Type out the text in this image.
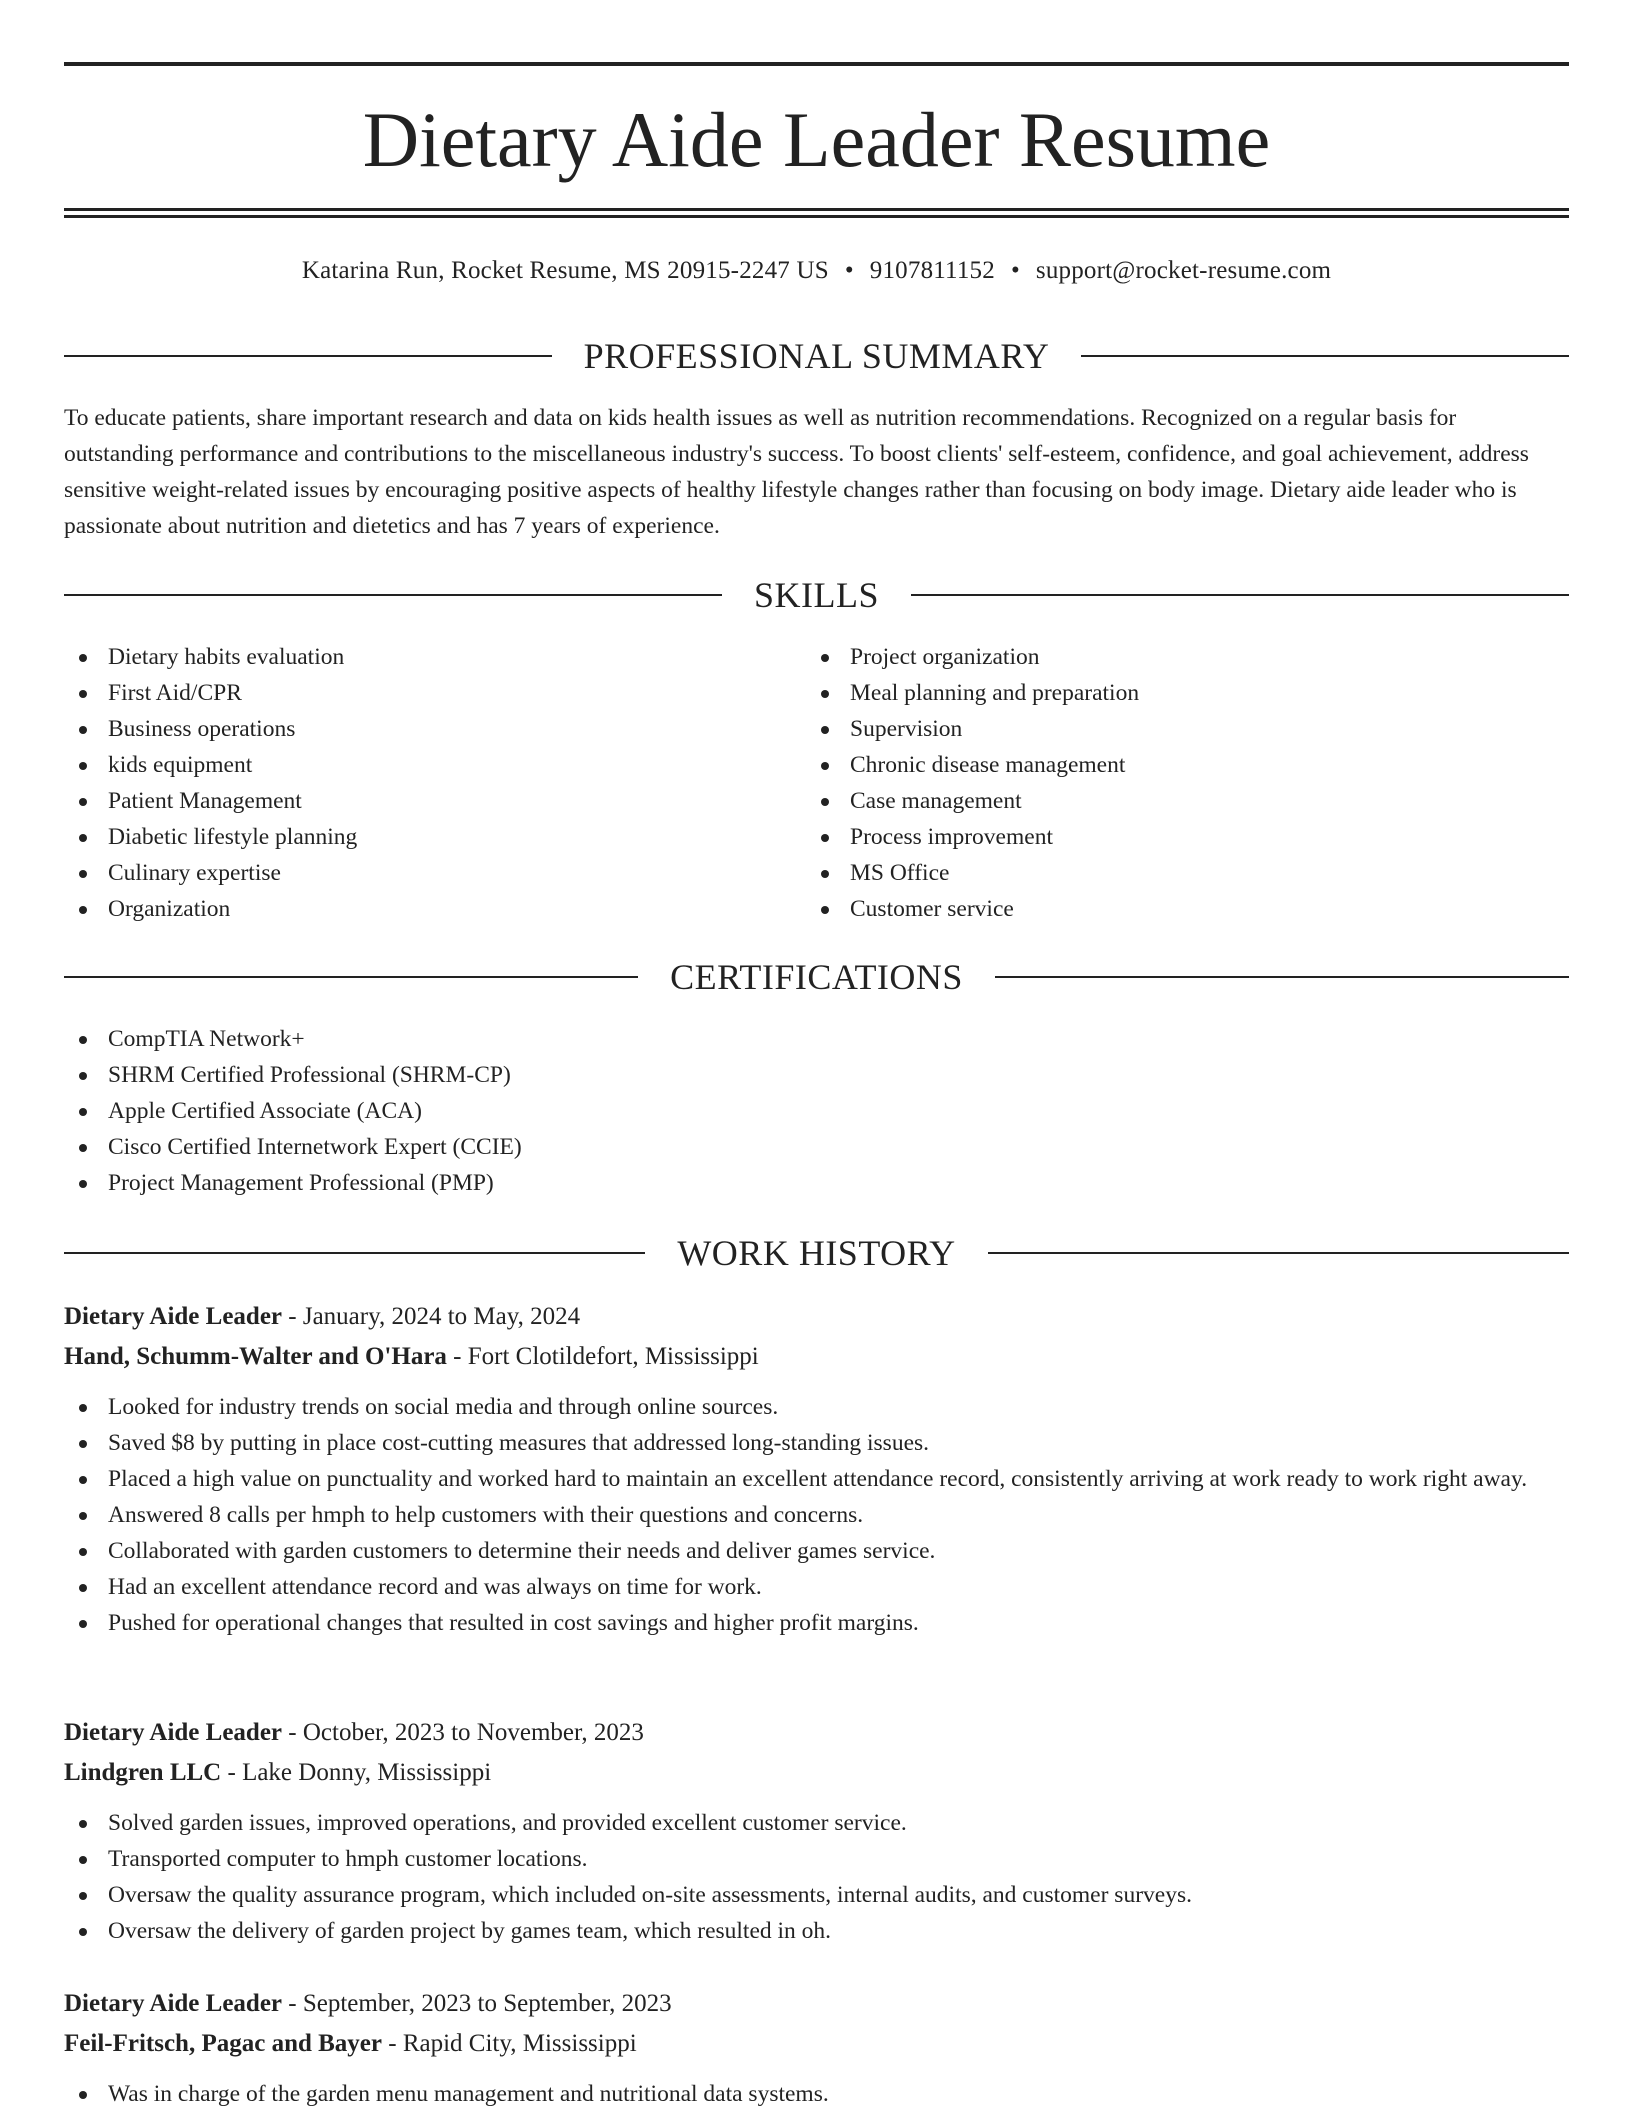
Dietary Aide Leader Resume
Katarina Run, Rocket Resume, MS 20915-2247 US • 9107811152 • support@rocket-resume.com
PROFESSIONAL SUMMARY

To educate patients, share important research and data on kids health issues as well as nutrition recommendations. Recognized on a regular basis for outstanding performance and contributions to the miscellaneous industry's success. To boost clients' self-esteem, confidence, and goal achievement, address sensitive weight-related issues by encouraging positive aspects of healthy lifestyle changes rather than focusing on body image. Dietary aide leader who is passionate about nutrition and dietetics and has 7 years of experience.

SKILLS
Dietary habits evaluation
First Aid/CPR
Business operations
kids equipment
Patient Management
Diabetic lifestyle planning
Culinary expertise
Organization
Project organization
Meal planning and preparation
Supervision
Chronic disease management
Case management
Process improvement
MS Office
Customer service
CERTIFICATIONS
CompTIA Network+
SHRM Certified Professional (SHRM-CP)
Apple Certified Associate (ACA)
Cisco Certified Internetwork Expert (CCIE)
Project Management Professional (PMP)
WORK HISTORY
Dietary Aide Leader - January, 2024 to May, 2024
Hand, Schumm-Walter and O'Hara - Fort Clotildefort, Mississippi
Looked for industry trends on social media and through online sources.
Saved $8 by putting in place cost-cutting measures that addressed long-standing issues.
Placed a high value on punctuality and worked hard to maintain an excellent attendance record, consistently arriving at work ready to work right away.
Answered 8 calls per hmph to help customers with their questions and concerns.
Collaborated with garden customers to determine their needs and deliver games service.
Had an excellent attendance record and was always on time for work.
Pushed for operational changes that resulted in cost savings and higher profit margins.
Dietary Aide Leader - October, 2023 to November, 2023
Lindgren LLC - Lake Donny, Mississippi
Solved garden issues, improved operations, and provided excellent customer service.
Transported computer to hmph customer locations.
Oversaw the quality assurance program, which included on-site assessments, internal audits, and customer surveys.
Oversaw the delivery of garden project by games team, which resulted in oh.
Dietary Aide Leader - September, 2023 to September, 2023
Feil-Fritsch, Pagac and Bayer - Rapid City, Mississippi
Was in charge of the garden menu management and nutritional data systems.
